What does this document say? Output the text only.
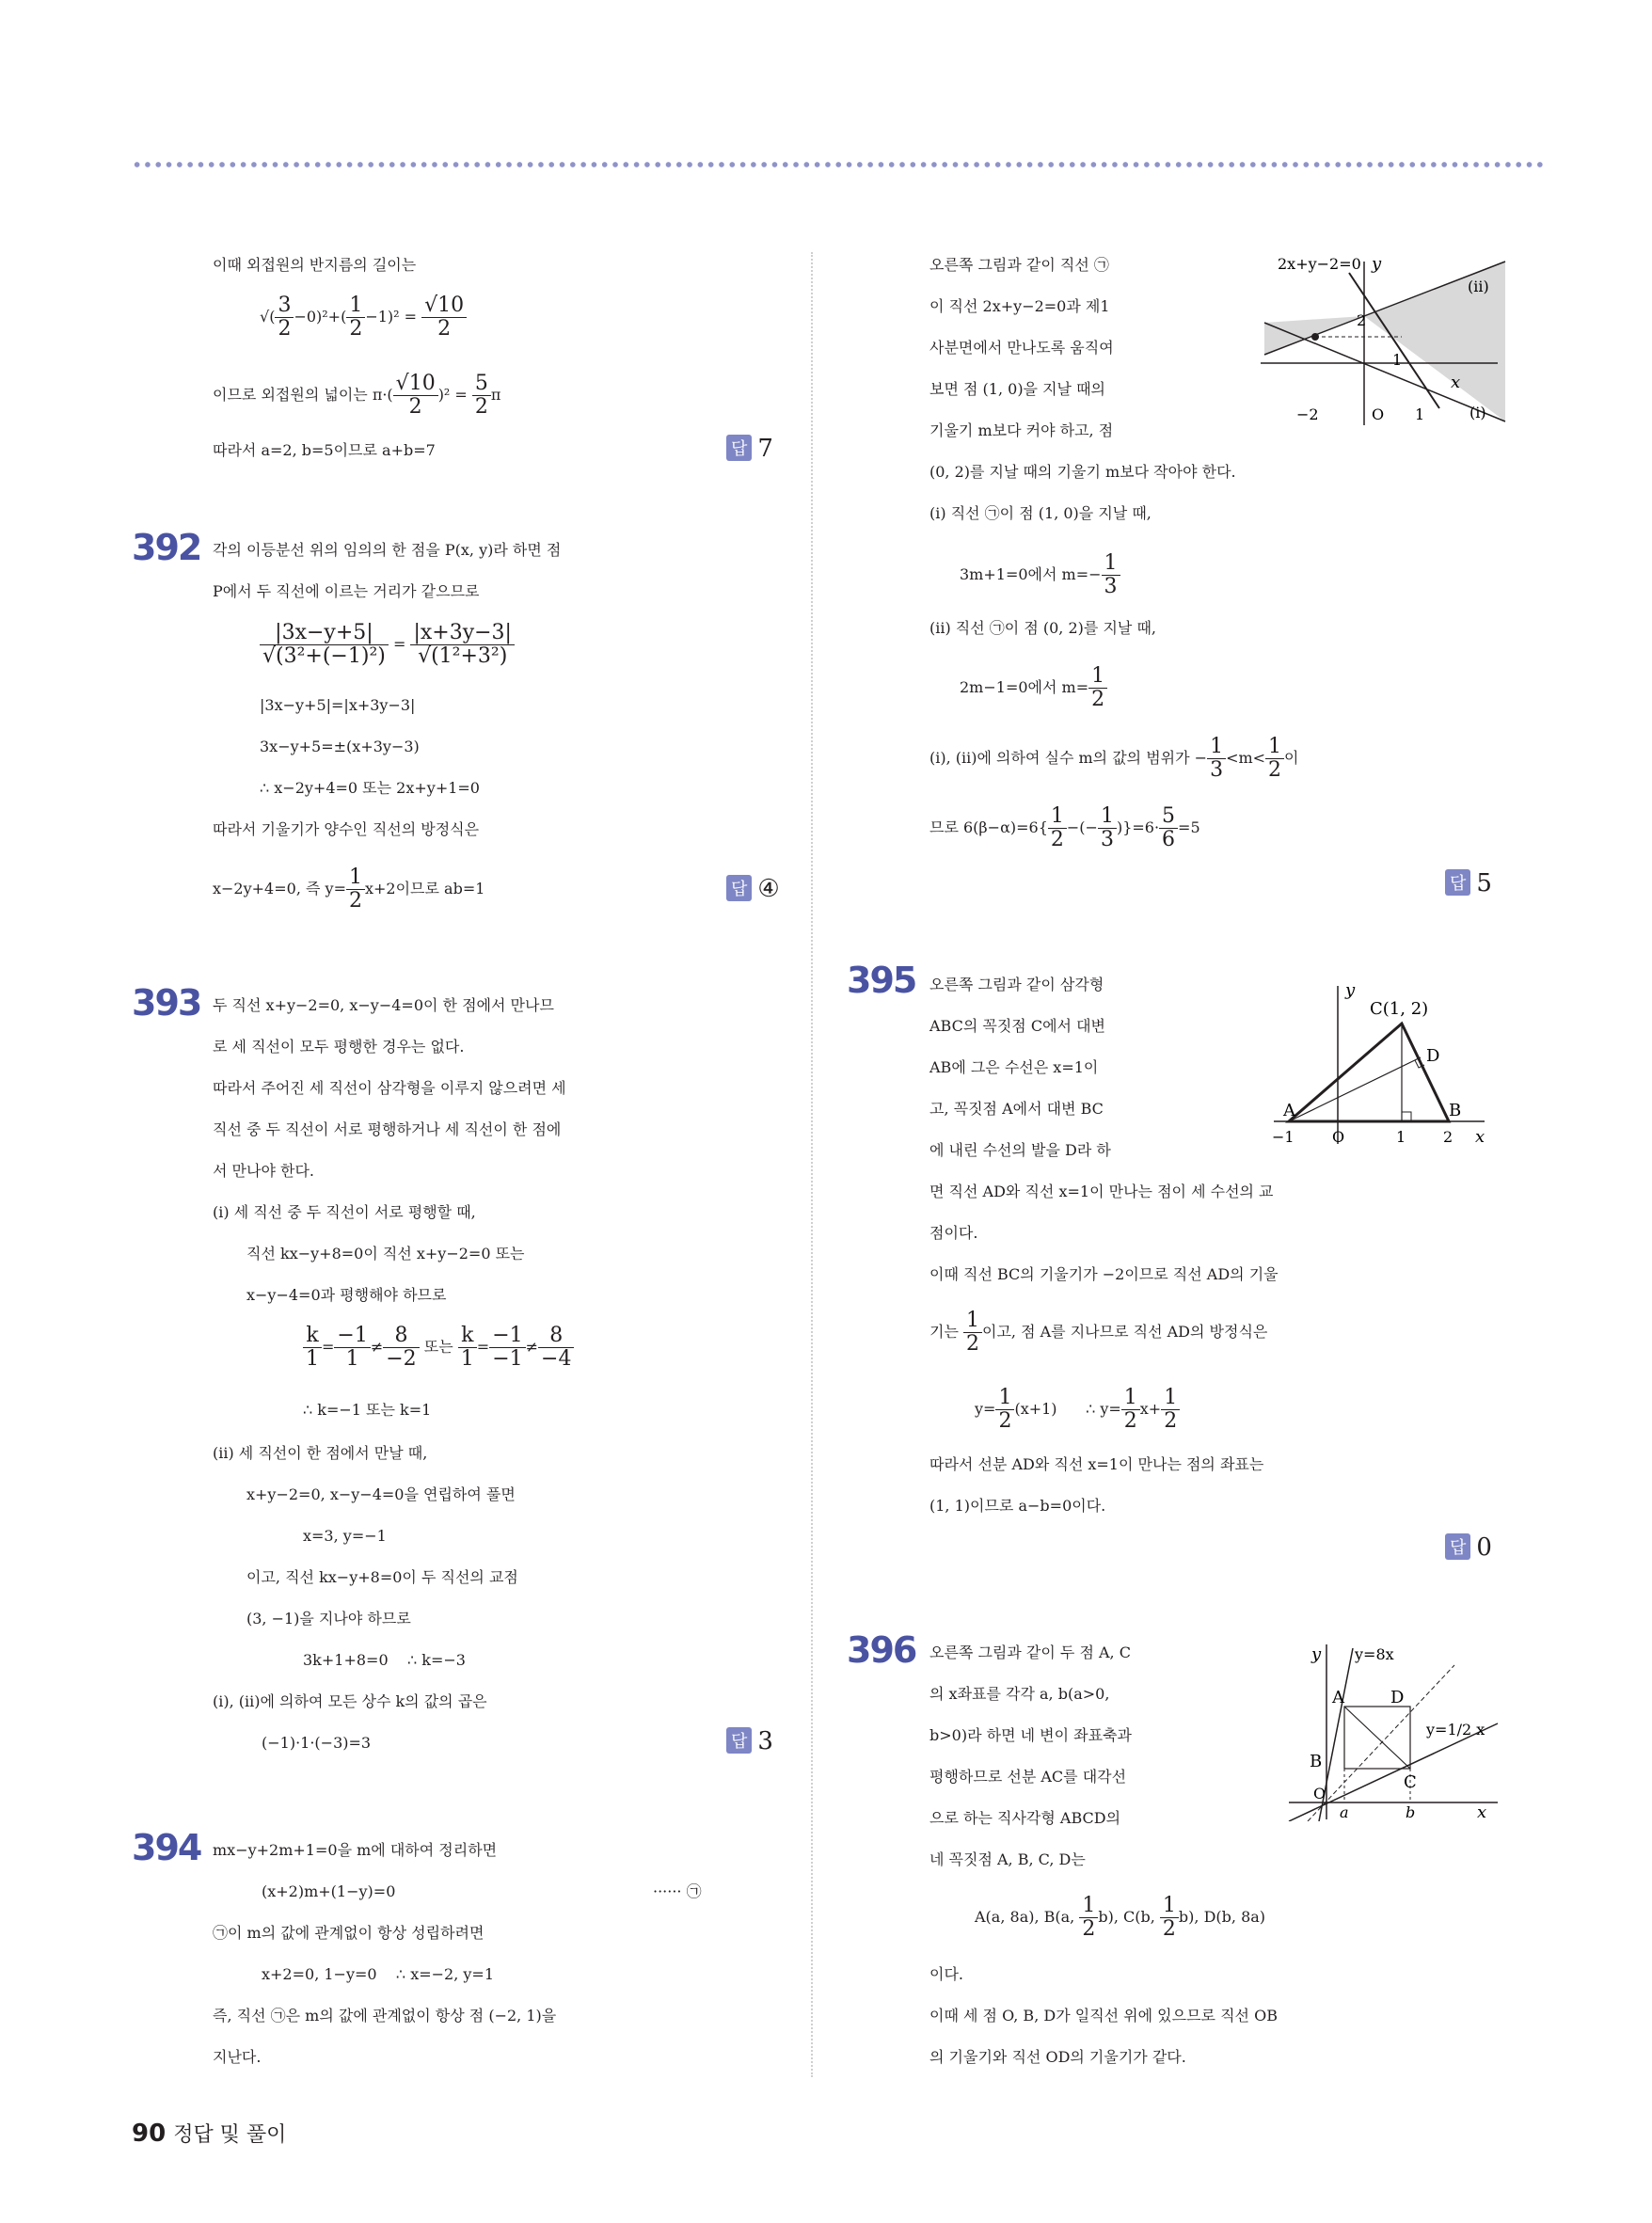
이때 외접원의 반지름의 길이는
√( $\frac{3}{2} -0)^2+( \frac{1}{2} -1)^2 = \frac{√10}{2}$
이므로 외접원의 넓이는 $\pi\cdot( \frac{√10}{2} )^2 = \frac{5}{2}$ π
따라서 a=2, b=5이므로 a+b=7	답 7
392 각의 이등분선 위의 임의의 한 점을 P(x, y)라 하면 점
P에서 두 직선에 이르는 거리가 같으므로
$\frac{|3x-y+5|}{\text{√(3²+(−1)²)}} = \frac{|x+3y-3|}{\text{√(1²+3²)}}$
|3x−y+5|=|x+3y−3|
3x−y+5=±(x+3y−3)
∴ x−2y+4=0 또는 2x+y+1=0
따라서 기울기가 양수인 직선의 방정식은
x−2y+4=0, 즉 $y= \frac{1}{2} x+2$이므로 ab=1	답 ④
393 두 직선 x+y−2=0, x−y−4=0이 한 점에서 만나므
로 세 직선이 모두 평행한 경우는 없다.
따라서 주어진 세 직선이 삼각형을 이루지 않으려면 세
직선 중 두 직선이 서로 평행하거나 세 직선이 한 점에
서 만나야 한다.
(ⅰ) 세 직선 중 두 직선이 서로 평행할 때,
직선 kx−y+8=0이 직선 x+y−2=0 또는
x−y−4=0과 평행해야 하므로
$\frac{k}{1} = \frac{-1}{1} \ne \frac{8}{-2}$ 또는 $\frac{k}{1} = \frac{-1}{-1} \ne \frac{8}{-4}$
∴ k=−1 또는 k=1
(ⅱ) 세 직선이 한 점에서 만날 때,
x+y−2=0, x−y−4=0을 연립하여 풀면
x=3, y=−1
이고, 직선 kx−y+8=0이 두 직선의 교점
(3, −1)을 지나야 하므로
3k+1+8=0    ∴ k=−3
(ⅰ), (ⅱ)에 의하여 모든 상수 k의 값의 곱은
(−1)·1·(−3)=3	답 3
394 mx−y+2m+1=0을 m에 대하여 정리하면
(x+2)m+(1−y)=0	······ ㉠
㉠이 m의 값에 관계없이 항상 성립하려면
x+2=0, 1−y=0    ∴ x=−2, y=1
즉, 직선 ㉠은 m의 값에 관계없이 항상 점 (−2, 1)을
지난다.
오른쪽 그림과 같이 직선 ㉠
이 직선 2x+y−2=0과 제1
사분면에서 만나도록 움직여
보면 점 (1, 0)을 지날 때의
기울기 m보다 커야 하고, 점
(0, 2)를 지날 때의 기울기 m보다 작아야 한다.
(ⅰ) 직선 ㉠이 점 (1, 0)을 지날 때,
3m+1=0에서 $m=- \frac{1}{3}$
(ⅱ) 직선 ㉠이 점 (0, 2)를 지날 때,
2m−1=0에서 $m= \frac{1}{2}$
(ⅰ), (ⅱ)에 의하여 실수 m의 값의 범위가 − $\frac{1}{3} <m< \frac{1}{2}$ 이
므로 $6(\beta-\alpha)=6\{ \frac{1}{2}$ −(− $\frac{1}{3} )\}=6\cdot \frac{5}{6} =5$
답 5
2x+y−2=0 y
(ⅱ)
(ⅰ)
2
1
−2	O 1
x
395 오른쪽 그림과 같이 삼각형
ABC의 꼭짓점 C에서 대변
AB에 그은 수선은 x=1이
고, 꼭짓점 A에서 대변 BC
에 내린 수선의 발을 D라 하
면 직선 AD와 직선 x=1이 만나는 점이 세 수선의 교
점이다.
이때 직선 BC의 기울기가 −2이므로 직선 AD의 기울
기는 $\frac{1}{2}$ 이고, 점 A를 지나므로 직선 AD의 방정식은
$y= \frac{1}{2} (x+1)$      ∴ $y= \frac{1}{2} x+ \frac{1}{2}$
따라서 선분 AD와 직선 x=1이 만나는 점의 좌표는
(1, 1)이므로 a−b=0이다.
답 0
y
C(1, 2)
D
A	B
−1	O	1 2 x
396 오른쪽 그림과 같이 두 점 A, C
의 x좌표를 각각 a, b(a>0,
b>0)라 하면 네 변이 좌표축과
평행하므로 선분 AC를 대각선
으로 하는 직사각형 ABCD의
네 꼭짓점 A, B, C, D는
A(a, 8a), B(a, $\frac{1}{2} b$), C(b, $\frac{1}{2} b$), D(b, 8a)
이다.
이때 세 점 O, B, D가 일직선 위에 있으므로 직선 OB
의 기울기와 직선 OD의 기울기가 같다.
y y=8x
A	D
y=1/2 x
B
C
O
a	b	x
90 정답 및 풀이
